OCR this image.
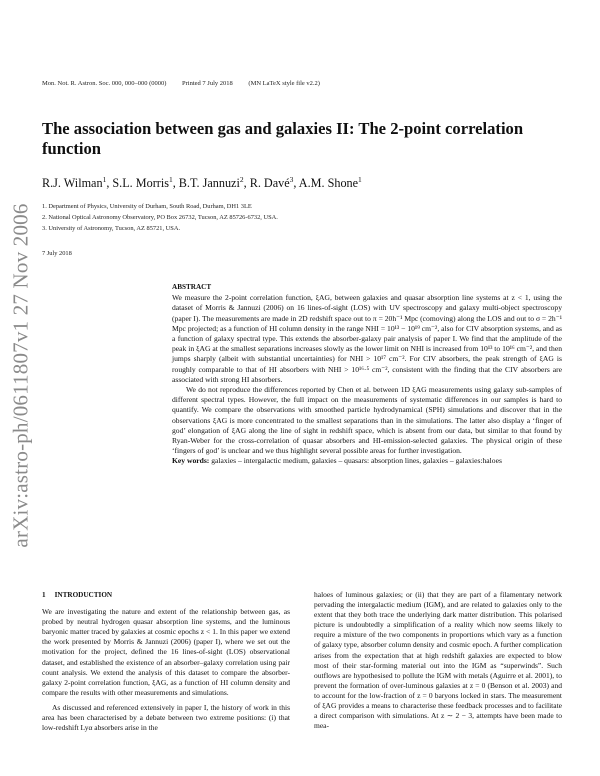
arXiv:astro-ph/0611807v1 27 Nov 2006
Mon. Not. R. Astron. Soc. 000, 000–000 (0000) Printed 7 July 2018 (MN LaTeX style file v2.2)
The association between gas and galaxies II: The 2-point correlation function
R.J. Wilman$^1$, S.L. Morris$^1$, B.T. Jannuzi$^2$, R. Davé$^3$, A.M. Shone$^1$
1. Department of Physics, University of Durham, South Road, Durham, DH1 3LE
2. National Optical Astronomy Observatory, PO Box 26732, Tucson, AZ 85726-6732, USA.
3. University of Astronomy, Tucson, AZ 85721, USA.
7 July 2018
ABSTRACT

We measure the 2-point correlation function, ξAG, between galaxies and quasar absorption line systems at z < 1, using the dataset of Morris & Jannuzi (2006) on 16 lines-of-sight (LOS) with UV spectroscopy and galaxy multi-object spectroscopy (paper I). The measurements are made in 2D redshift space out to π = 20h⁻¹ Mpc (comoving) along the LOS and out to σ = 2h⁻¹ Mpc projected; as a function of HI column density in the range NHI = 10¹³ − 10¹⁹ cm⁻², also for CIV absorption systems, and as a function of galaxy spectral type. This extends the absorber-galaxy pair analysis of paper I. We find that the amplitude of the peak in ξAG at the smallest separations increases slowly as the lower limit on NHI is increased from 10¹³ to 10¹⁶ cm⁻², and then jumps sharply (albeit with substantial uncertainties) for NHI > 10¹⁷ cm⁻². For CIV absorbers, the peak strength of ξAG is roughly comparable to that of HI absorbers with NHI > 10¹⁶·⁵ cm⁻², consistent with the finding that the CIV absorbers are associated with strong HI absorbers.

We do not reproduce the differences reported by Chen et al. between 1D ξAG measurements using galaxy sub-samples of different spectral types. However, the full impact on the measurements of systematic differences in our samples is hard to quantify. We compare the observations with smoothed particle hydrodynamical (SPH) simulations and discover that in the observations ξAG is more concentrated to the smallest separations than in the simulations. The latter also display a ‘finger of god’ elongation of ξAG along the line of sight in redshift space, which is absent from our data, but similar to that found by Ryan-Weber for the cross-correlation of quasar absorbers and HI-emission-selected galaxies. The physical origin of these ‘fingers of god’ is unclear and we thus highlight several possible areas for further investigation.

Key words: galaxies – intergalactic medium, galaxies – quasars: absorption lines, galaxies – galaxies:haloes

1 INTRODUCTION

We are investigating the nature and extent of the relationship between gas, as probed by neutral hydrogen quasar absorption line systems, and the luminous baryonic matter traced by galaxies at cosmic epochs z < 1. In this paper we extend the work presented by Morris & Jannuzi (2006) (paper I), where we set out the motivation for the project, defined the 16 lines-of-sight (LOS) observational dataset, and established the existence of an absorber–galaxy correlation using pair count analysis. We extend the analysis of this dataset to compare the absorber-galaxy 2-point correlation function, ξAG, as a function of HI column density and compare the results with other measurements and simulations.

As discussed and referenced extensively in paper I, the history of work in this area has been characterised by a debate between two extreme positions: (i) that low-redshift Lyα absorbers arise in the

haloes of luminous galaxies; or (ii) that they are part of a filamentary network pervading the intergalactic medium (IGM), and are related to galaxies only to the extent that they both trace the underlying dark matter distribution. This polarised picture is undoubtedly a simplification of a reality which now seems likely to require a mixture of the two components in proportions which vary as a function of galaxy type, absorber column density and cosmic epoch. A further complication arises from the expectation that at high redshift galaxies are expected to blow most of their star-forming material out into the IGM as “superwinds”. Such outflows are hypothesised to pollute the IGM with metals (Aguirre et al. 2001), to prevent the formation of over-luminous galaxies at z = 0 (Benson et al. 2003) and to account for the low-fraction of z = 0 baryons locked in stars. The measurement of ξAG provides a means to characterise these feedback processes and to facilitate a direct comparison with simulations. At z ∼ 2 − 3, attempts have been made to mea-
